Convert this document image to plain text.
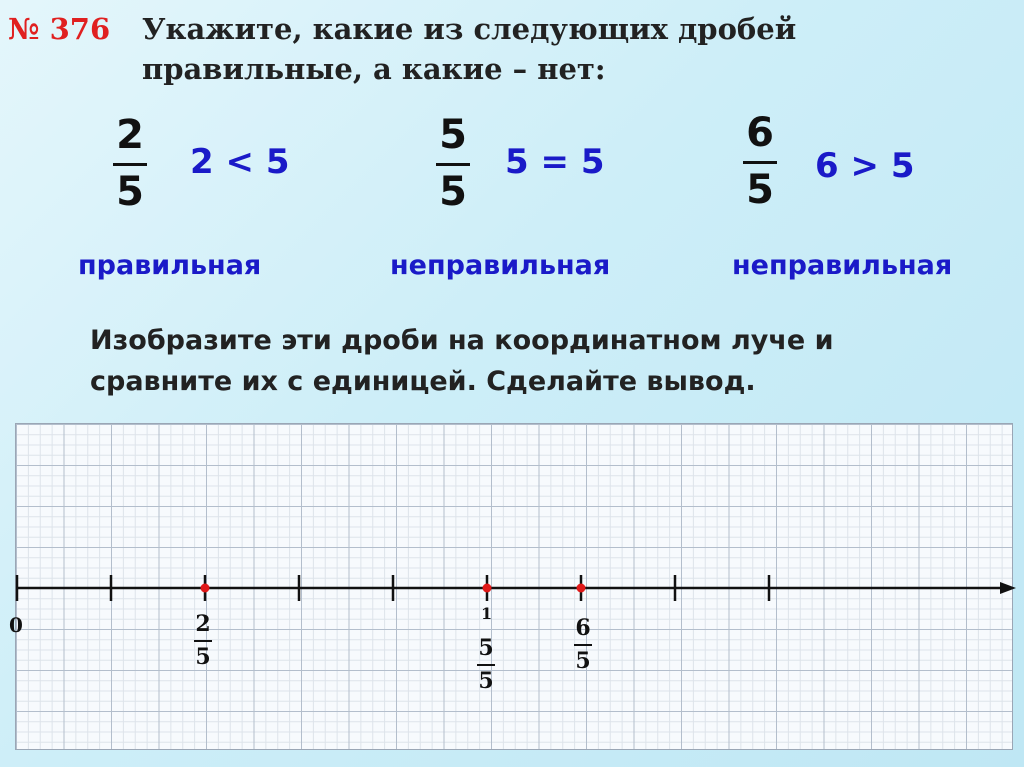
№ 376 Укажите, какие из следующих дробей
правильные, а какие – нет:
2
5
2 < 5
правильная
5
5
5 = 5
неправильная
6
5
6 > 5
неправильная
Изобразите эти дроби на координатном луче и
сравните их с единицей. Сделайте вывод.
0	1
2
5	5
5
6
5
